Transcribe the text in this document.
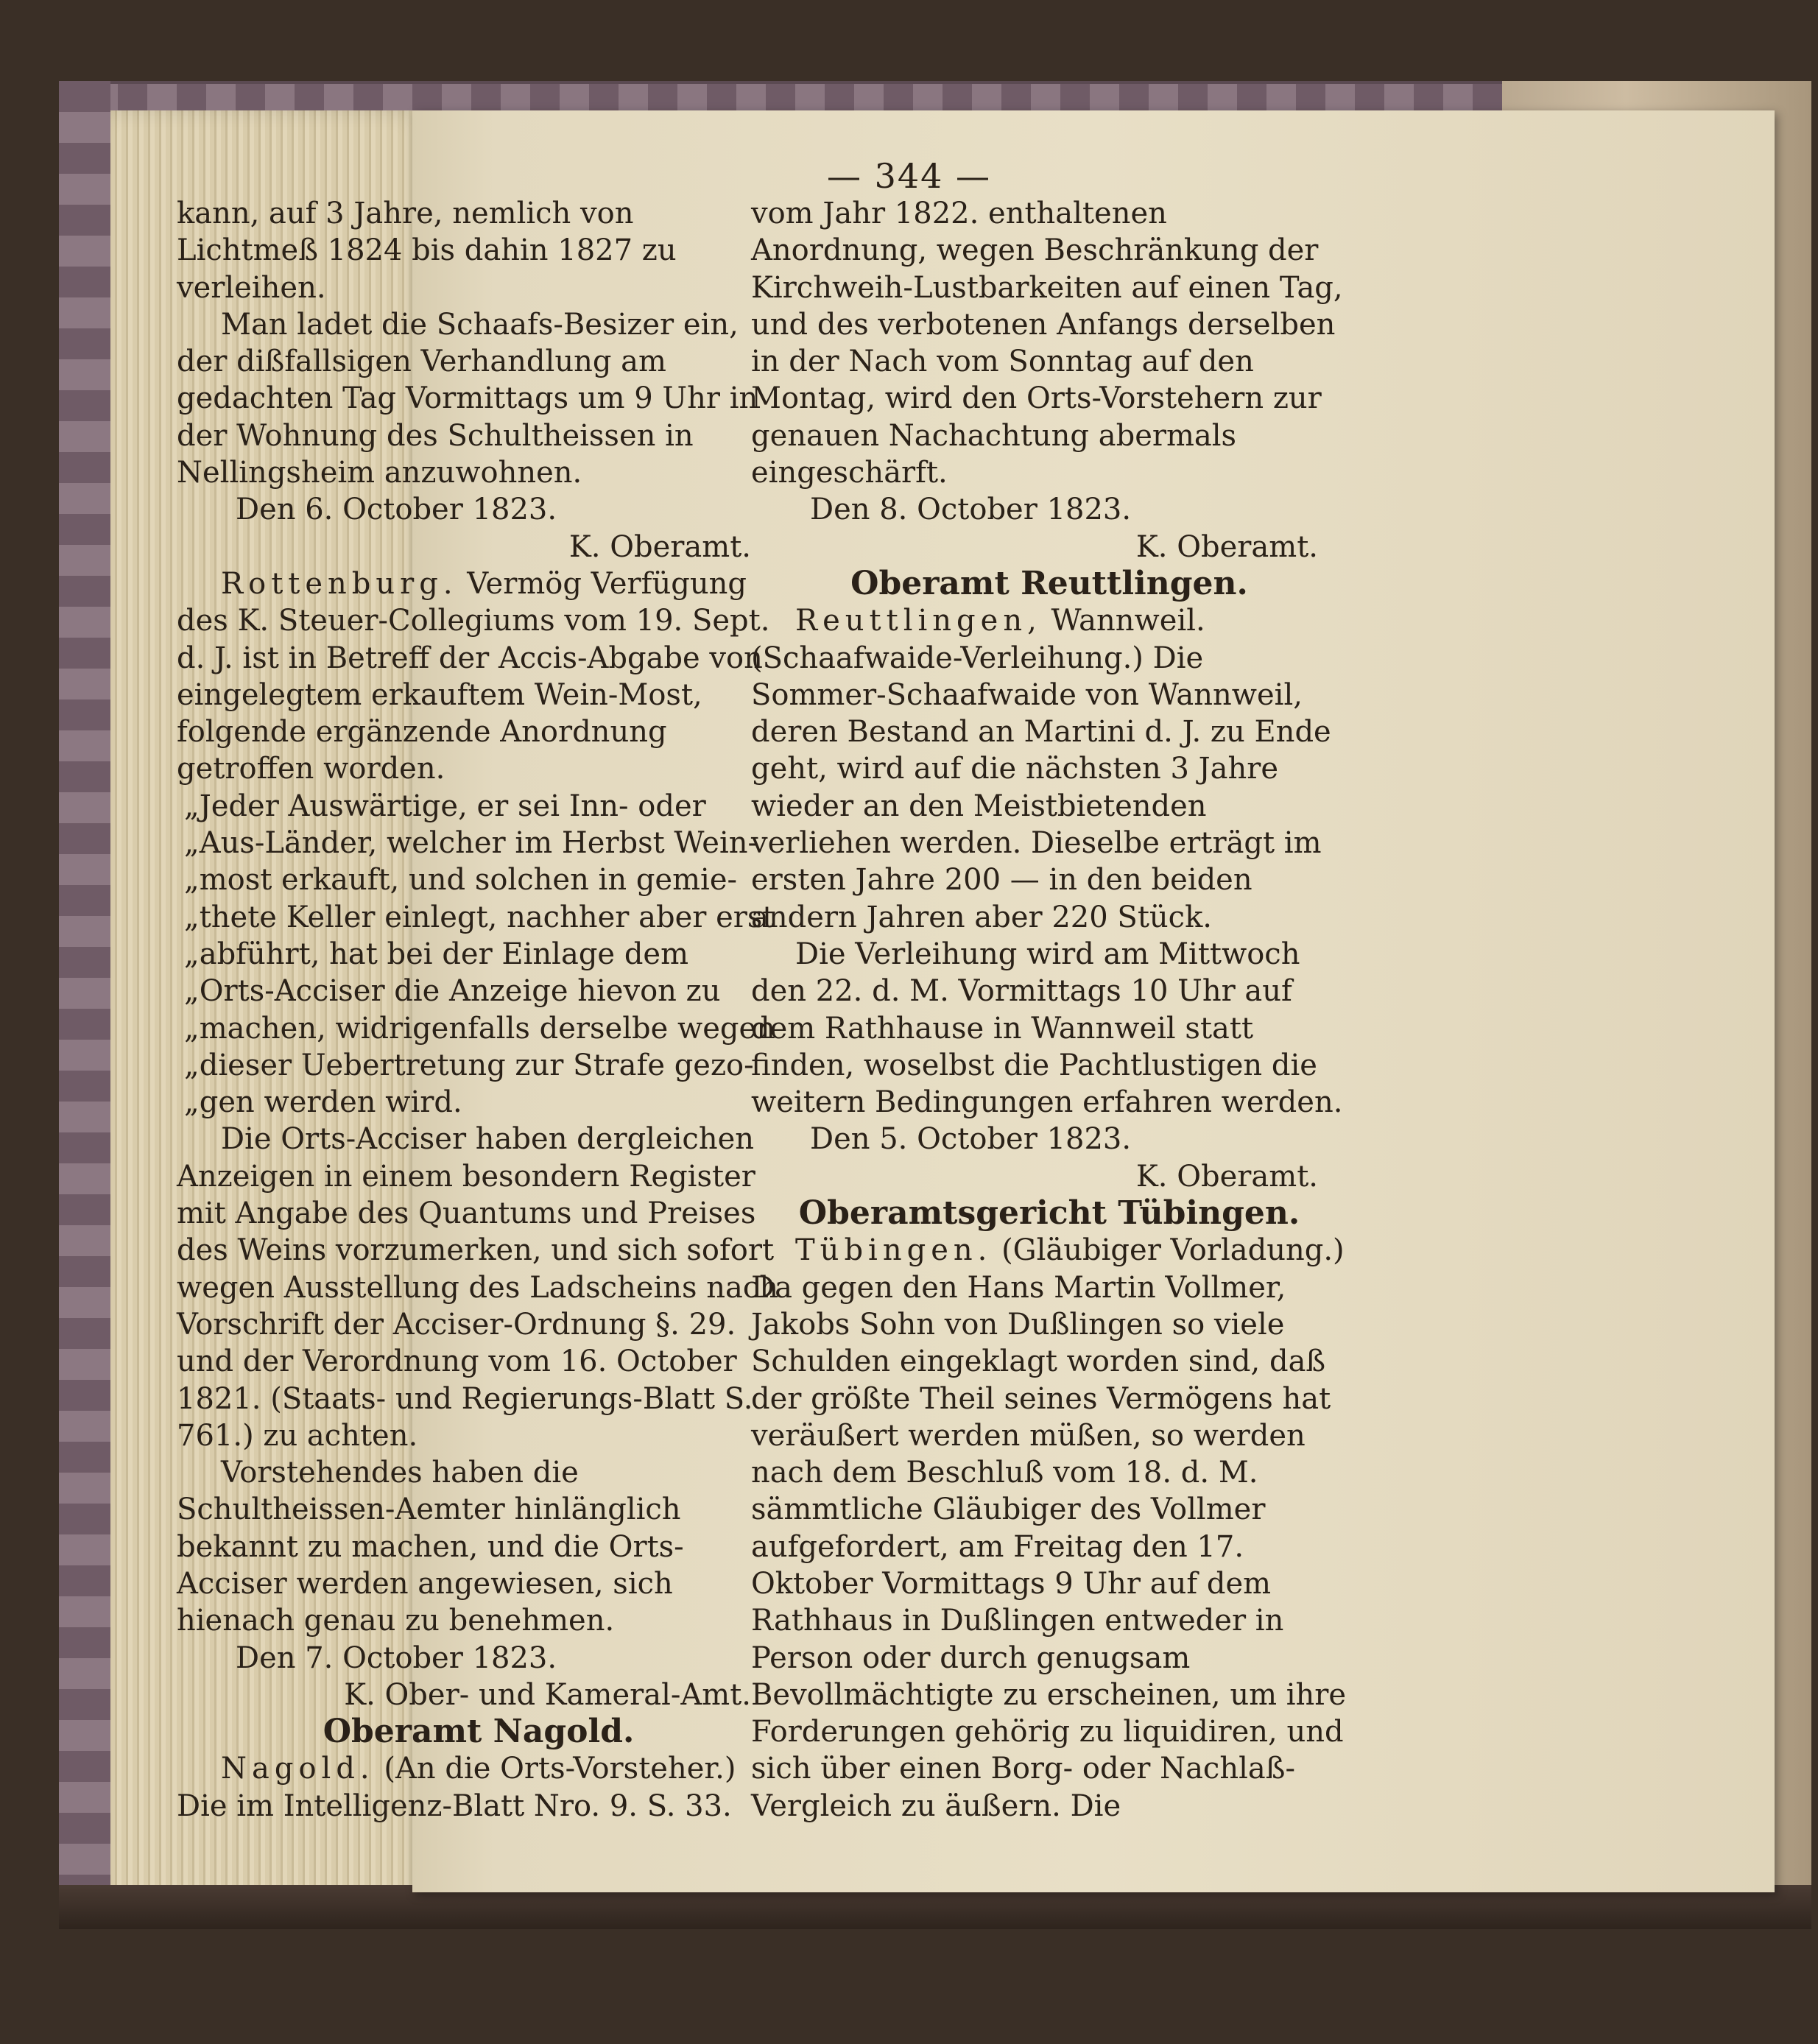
— 344 —

kann, auf 3 Jahre, nemlich von Lichtmeß 1824 bis dahin 1827 zu verleihen.

Man ladet die Schaafs-Besizer ein, der dißfallsigen Verhandlung am gedachten Tag Vormittags um 9 Uhr in der Wohnung des Schultheissen in Nellingsheim anzuwohnen.

Den 6. October 1823.

K. Oberamt.

Rottenburg. Vermög Verfügung des K. Steuer-Collegiums vom 19. Sept. d. J. ist in Betreff der Accis-Abgabe von eingelegtem erkauftem Wein-Most, folgende ergänzende Anordnung getroffen worden.

„Jeder Auswärtige, er sei Inn- oder

„Aus-Länder, welcher im Herbst Wein-

„most erkauft, und solchen in gemie-

„thete Keller einlegt, nachher aber erst

„abführt, hat bei der Einlage dem

„Orts-Acciser die Anzeige hievon zu

„machen, widrigenfalls derselbe wegen

„dieser Uebertretung zur Strafe gezo-

„gen werden wird.

Die Orts-Acciser haben dergleichen Anzeigen in einem besondern Register mit Angabe des Quantums und Preises des Weins vorzumerken, und sich sofort wegen Ausstellung des Ladscheins nach Vorschrift der Acciser-Ordnung §. 29. und der Verordnung vom 16. October 1821. (Staats- und Regierungs-Blatt S. 761.) zu achten.

Vorstehendes haben die Schultheissen-Aemter hinlänglich bekannt zu machen, und die Orts-Acciser werden angewiesen, sich hienach genau zu benehmen.

Den 7. October 1823.

K. Ober- und Kameral-Amt.

Oberamt Nagold.

Nagold. (An die Orts-Vorsteher.)

Die im Intelligenz-Blatt Nro. 9. S. 33.

vom Jahr 1822. enthaltenen Anordnung, wegen Beschränkung der Kirchweih-Lustbarkeiten auf einen Tag, und des verbotenen Anfangs derselben in der Nach vom Sonntag auf den Montag, wird den Orts-Vorstehern zur genauen Nachachtung abermals eingeschärft.

Den 8. October 1823.

K. Oberamt.

Oberamt Reuttlingen.

Reuttlingen, Wannweil. (Schaafwaide-Verleihung.) Die Sommer-Schaafwaide von Wannweil, deren Bestand an Martini d. J. zu Ende geht, wird auf die nächsten 3 Jahre wieder an den Meistbietenden verliehen werden. Dieselbe erträgt im ersten Jahre 200 — in den beiden andern Jahren aber 220 Stück.

Die Verleihung wird am Mittwoch den 22. d. M. Vormittags 10 Uhr auf dem Rathhause in Wannweil statt finden, woselbst die Pachtlustigen die weitern Bedingungen erfahren werden.

Den 5. October 1823.

K. Oberamt.

Oberamtsgericht Tübingen.

Tübingen. (Gläubiger Vorladung.) Da gegen den Hans Martin Vollmer, Jakobs Sohn von Dußlingen so viele Schulden eingeklagt worden sind, daß der größte Theil seines Vermögens hat veräußert werden müßen, so werden nach dem Beschluß vom 18. d. M. sämmtliche Gläubiger des Vollmer aufgefordert, am Freitag den 17. Oktober Vormittags 9 Uhr auf dem Rathhaus in Dußlingen entweder in Person oder durch genugsam Bevollmächtigte zu erscheinen, um ihre Forderungen gehörig zu liquidiren, und sich über einen Borg- oder Nachlaß-Vergleich zu äußern. Die
